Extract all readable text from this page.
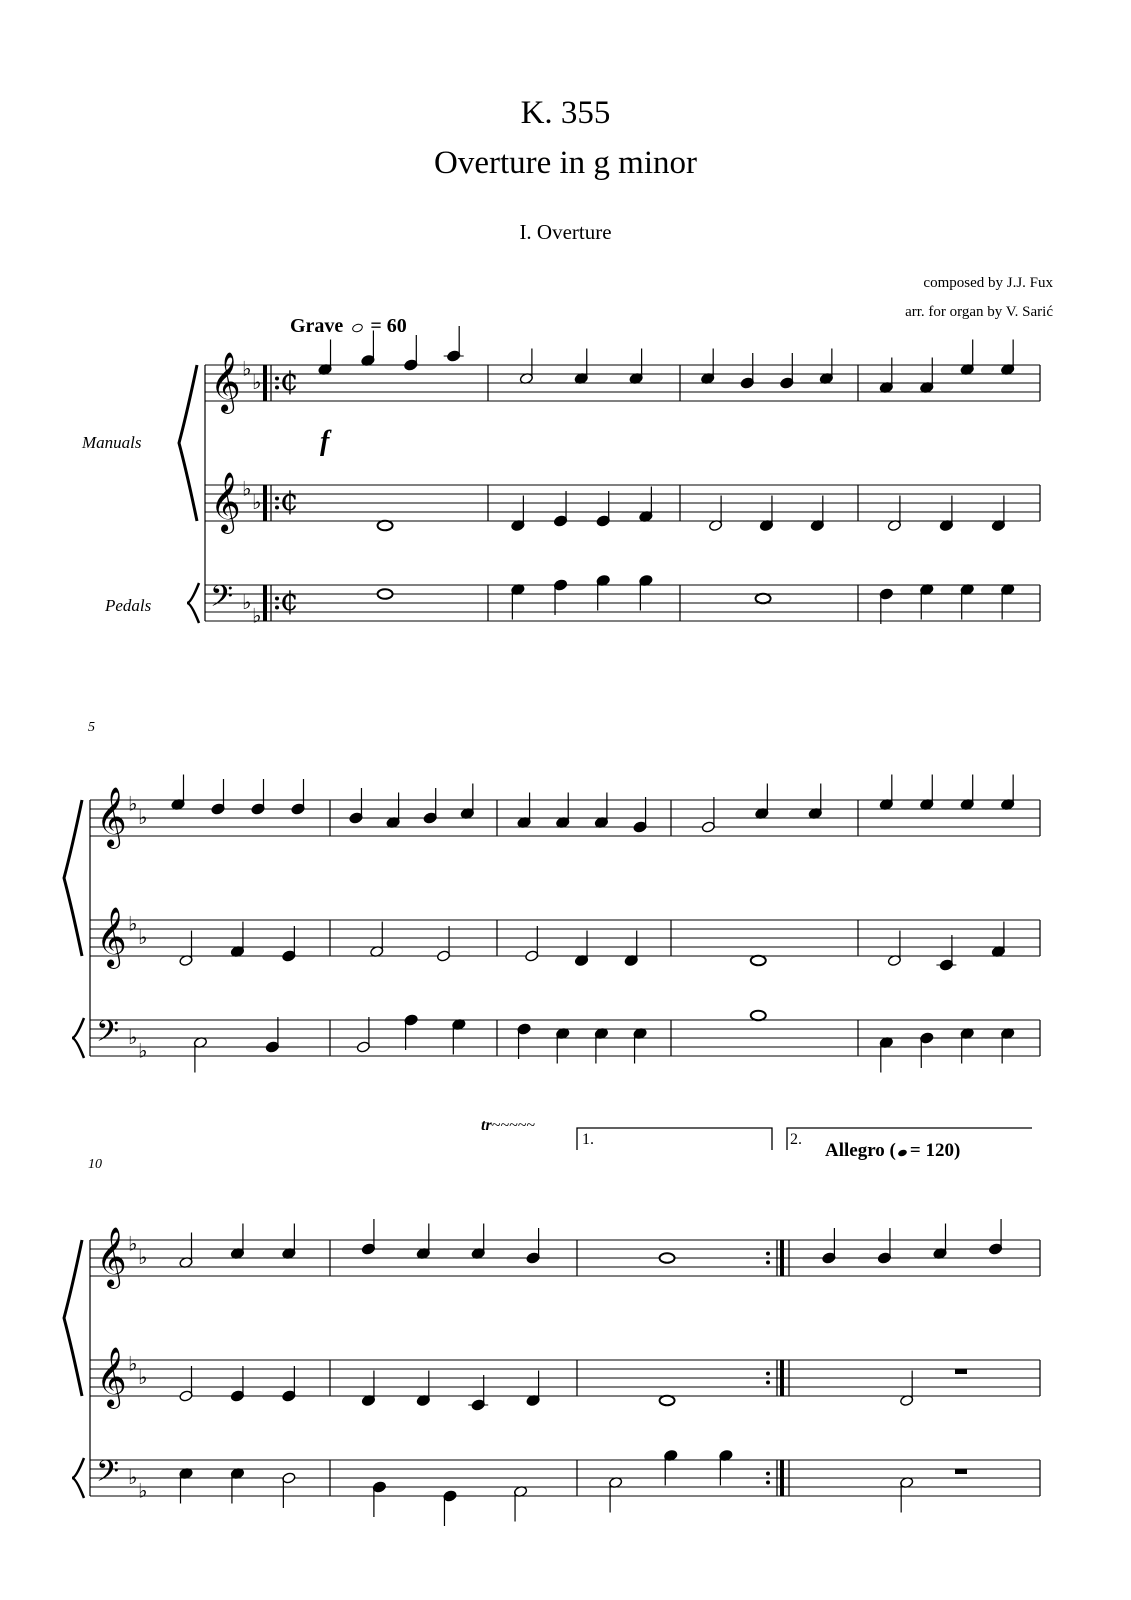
K. 355
Overture in g minor
I. Overture
composed by J.J. Fux
arr. for organ by V. Sarić
Grave = 60
Manuals
Pedals
f
5
10
1.	2.
Allegro ( = 120)
tr~~~~~
𝄞
𝄞
𝄢
♭
♭
♭
♭
♭
♭
¢
¢
¢
𝄞
𝄞
𝄢
♭
♭
♭
♭
♭
♭
𝄞
𝄞
𝄢
♭
♭
♭
♭
♭
♭
